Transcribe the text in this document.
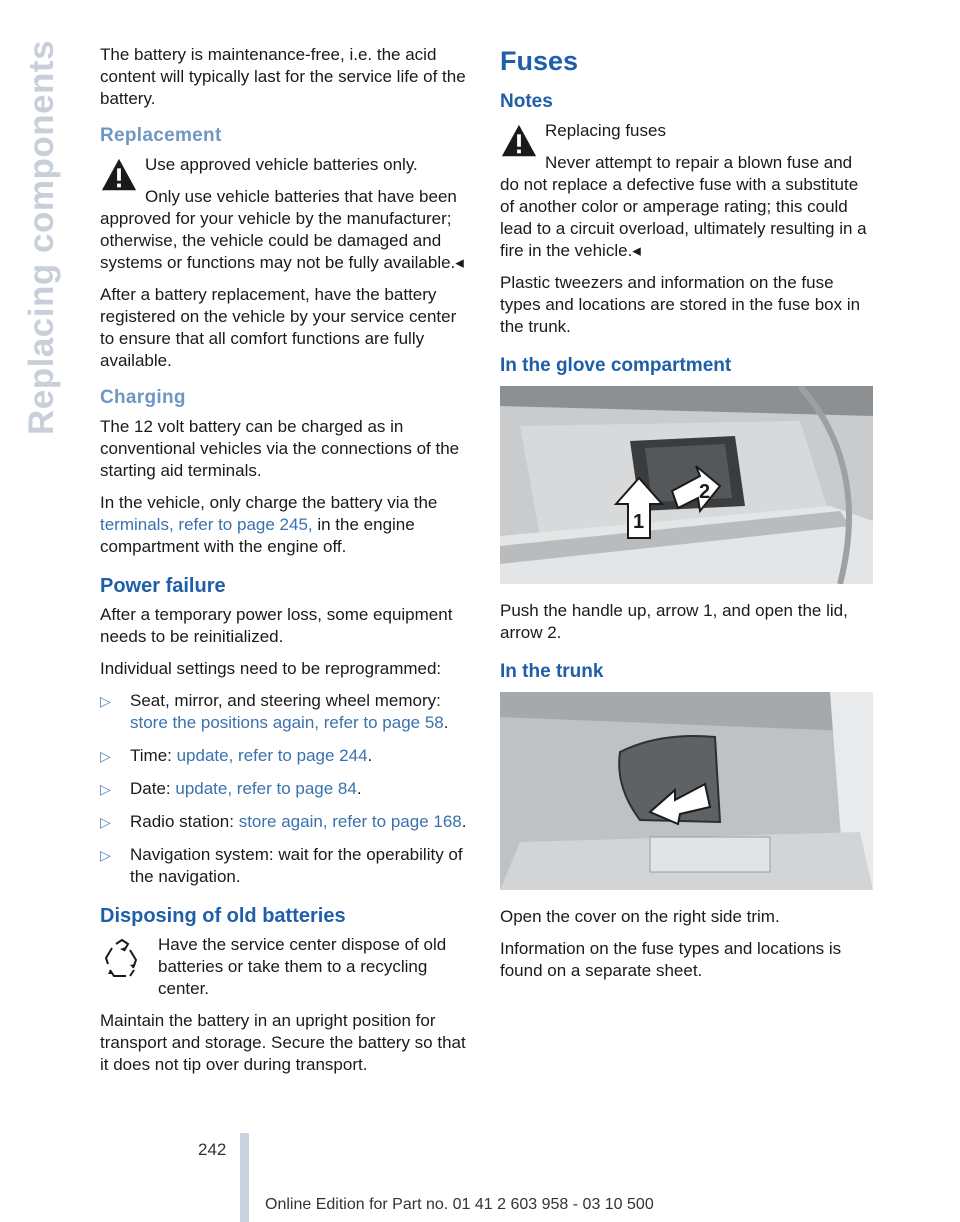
Replacing components The battery is maintenance-free, i.e. the acid content will typically last for the service life of the battery.

Replacement

Use approved vehicle batteries only.

Only use vehicle batteries that have been approved for your vehicle by the manufacturer; otherwise, the vehicle could be damaged and systems or functions may not be fully available.◂

After a battery replacement, have the battery registered on the vehicle by your service center to ensure that all comfort functions are fully available.

Charging

The 12 volt battery can be charged as in conventional vehicles via the connections of the starting aid terminals.

In the vehicle, only charge the battery via the terminals, refer to page 245, in the engine compartment with the engine off.

Power failure

After a temporary power loss, some equipment needs to be reinitialized.

Individual settings need to be reprogrammed:

▷ Seat, mirror, and steering wheel memory: store the positions again, refer to page 58.
▷ Time: update, refer to page 244.
▷ Date: update, refer to page 84.
▷ Radio station: store again, refer to page 168.
▷ Navigation system: wait for the operability of the navigation.
Disposing of old batteries

Have the service center dispose of old batteries or take them to a recycling center.

Maintain the battery in an upright position for transport and storage. Secure the battery so that it does not tip over during transport.

Fuses
Notes

Replacing fuses

Never attempt to repair a blown fuse and do not replace a defective fuse with a substitute of another color or amperage rating; this could lead to a circuit overload, ultimately resulting in a fire in the vehicle.◂

Plastic tweezers and information on the fuse types and locations are stored in the fuse box in the trunk.

In the glove compartment
1
2

Push the handle up, arrow 1, and open the lid, arrow 2.

In the trunk

Open the cover on the right side trim.

Information on the fuse types and locations is found on a separate sheet.

242
Online Edition for Part no. 01 41 2 603 958 - 03 10 500
